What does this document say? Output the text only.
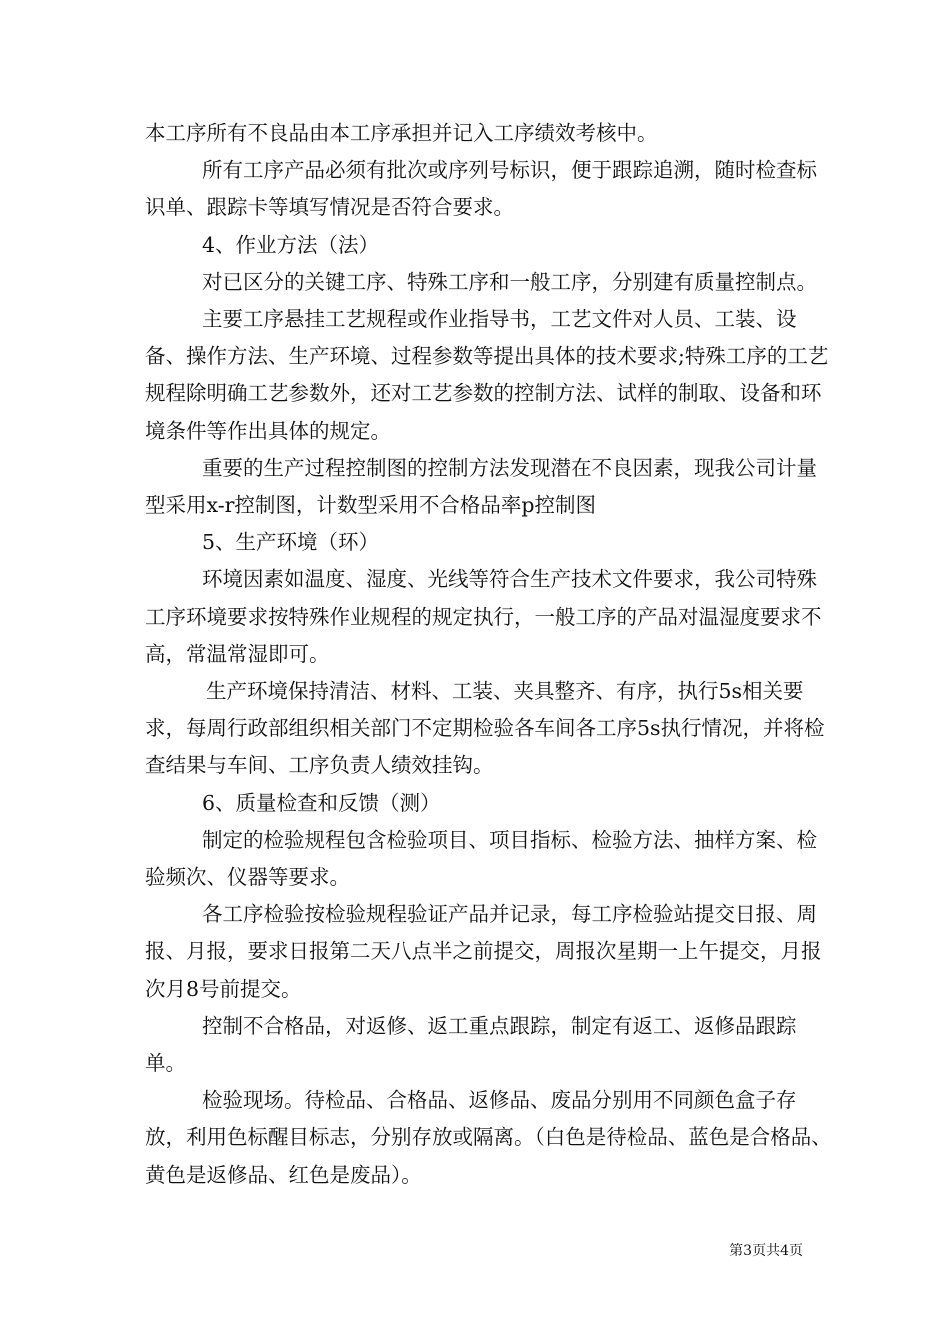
本工序所有不良品由本工序承担并记入工序绩效考核中。

所有工序产品必须有批次或序列号标识，便于跟踪追溯，随时检查标识单、跟踪卡等填写情况是否符合要求。

4、作业方法（法）

对已区分的关键工序、特殊工序和一般工序，分别建有质量控制点。

主要工序悬挂工艺规程或作业指导书，工艺文件对人员、工装、设备、操作方法、生产环境、过程参数等提出具体的技术要求;特殊工序的工艺规程除明确工艺参数外，还对工艺参数的控制方法、试样的制取、设备和环境条件等作出具体的规定。

重要的生产过程控制图的控制方法发现潜在不良因素，现我公司计量型采用x-r控制图，计数型采用不合格品率p控制图

5、生产环境（环）

环境因素如温度、湿度、光线等符合生产技术文件要求，我公司特殊工序环境要求按特殊作业规程的规定执行，一般工序的产品对温湿度要求不高，常温常湿即可。

生产环境保持清洁、材料、工装、夹具整齐、有序，执行5s相关要求，每周行政部组织相关部门不定期检验各车间各工序5s执行情况，并将检查结果与车间、工序负责人绩效挂钩。

6、质量检查和反馈（测）

制定的检验规程包含检验项目、项目指标、检验方法、抽样方案、检验频次、仪器等要求。

各工序检验按检验规程验证产品并记录，每工序检验站提交日报、周报、月报，要求日报第二天八点半之前提交，周报次星期一上午提交，月报次月8号前提交。

控制不合格品，对返修、返工重点跟踪，制定有返工、返修品跟踪单。

检验现场。待检品、合格品、返修品、废品分别用不同颜色盒子存放，利用色标醒目标志，分别存放或隔离。（白色是待检品、蓝色是合格品、黄色是返修品、红色是废品）。

第3页共4页
